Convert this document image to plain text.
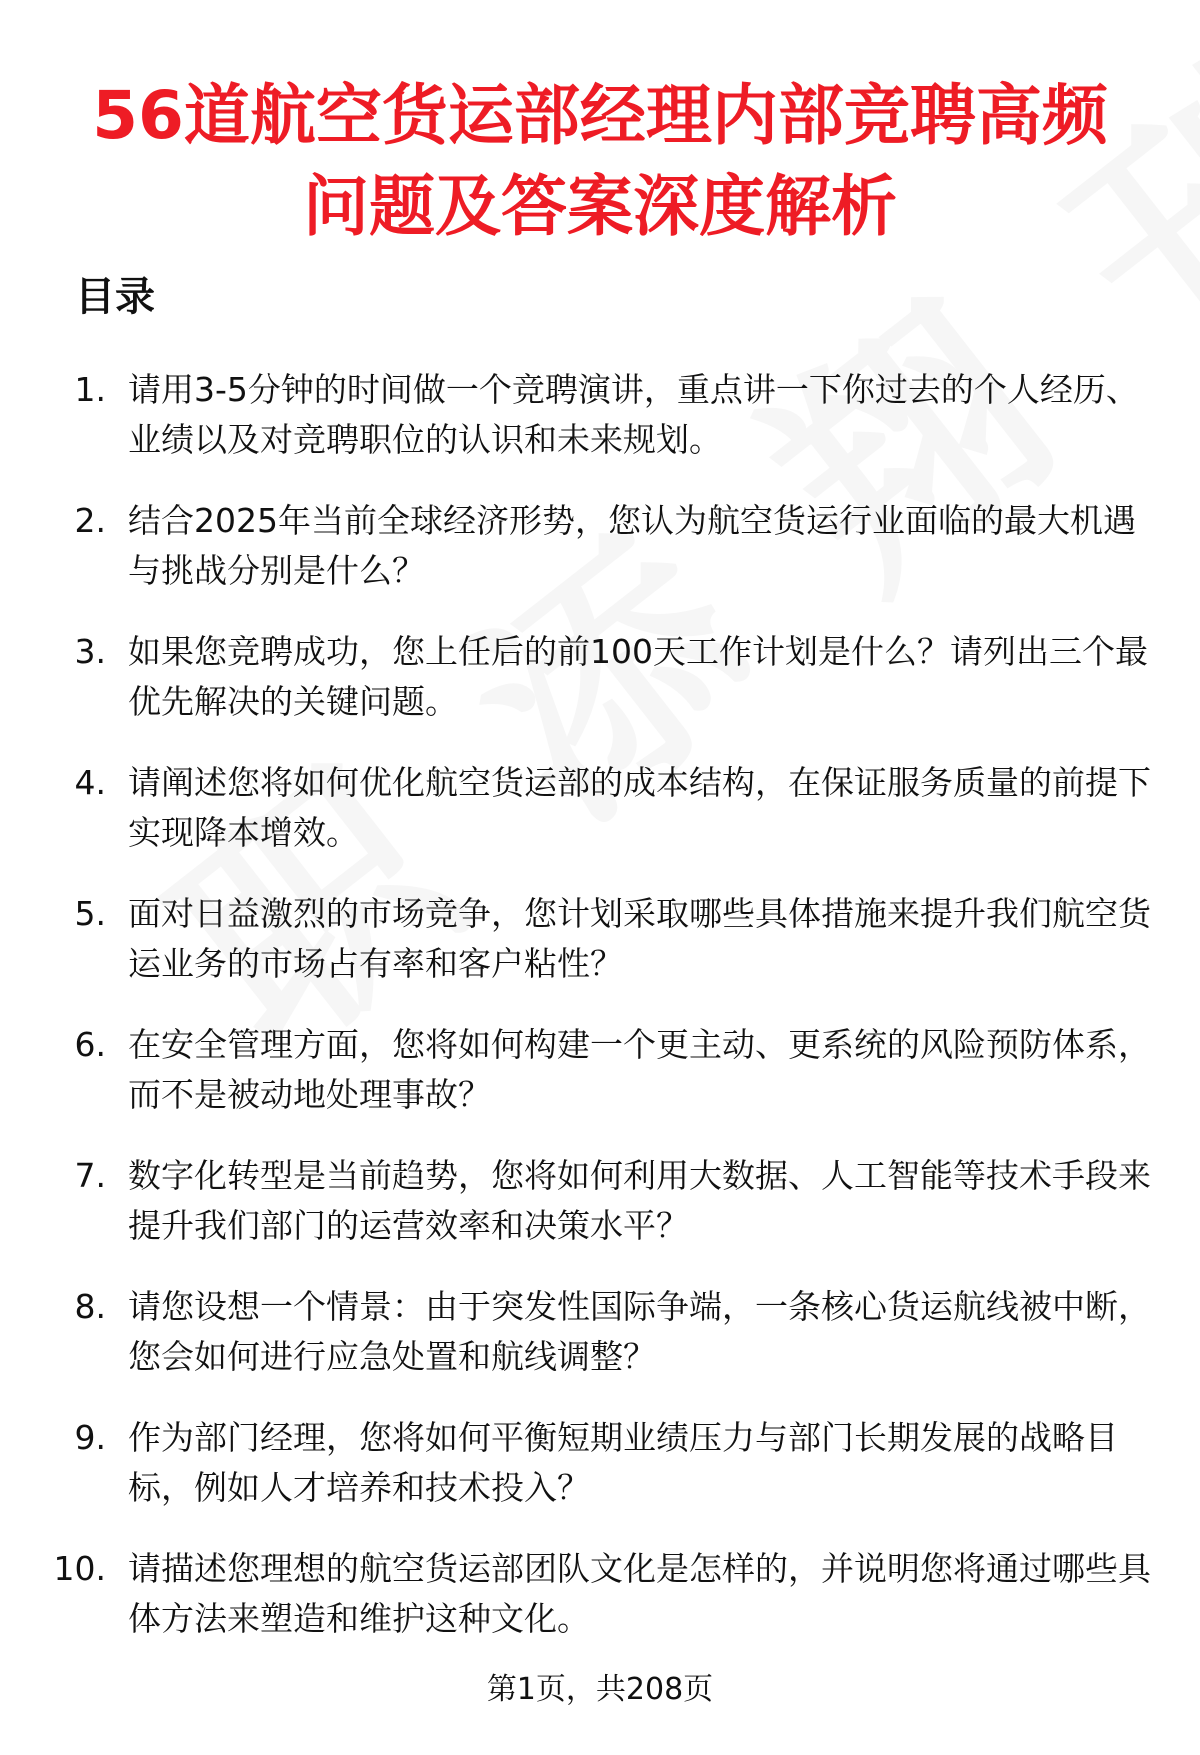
56道航空货运部经理内部竞聘高频
问题及答案深度解析
目录
1. 请用3-5分钟的时间做一个竞聘演讲，重点讲一下你过去的个人经历、业绩以及对竞聘职位的认识和未来规划。

2. 结合2025年当前全球经济形势，您认为航空货运行业面临的最大机遇与挑战分别是什么？

3. 如果您竞聘成功，您上任后的前100天工作计划是什么？请列出三个最优先解决的关键问题。

4. 请阐述您将如何优化航空货运部的成本结构，在保证服务质量的前提下实现降本增效。

5. 面对日益激烈的市场竞争，您计划采取哪些具体措施来提升我们航空货运业务的市场占有率和客户粘性？

6. 在安全管理方面，您将如何构建一个更主动、更系统的风险预防体系，而不是被动地处理事故？

7. 数字化转型是当前趋势，您将如何利用大数据、人工智能等技术手段来提升我们部门的运营效率和决策水平？

8. 请您设想一个情景：由于突发性国际争端，一条核心货运航线被中断，您会如何进行应急处置和航线调整？

9. 作为部门经理，您将如何平衡短期业绩压力与部门长期发展的战略目标，例如人才培养和技术投入？

10. 请描述您理想的航空货运部团队文化是怎样的，并说明您将通过哪些具体方法来塑造和维护这种文化。

第1页，共208页
